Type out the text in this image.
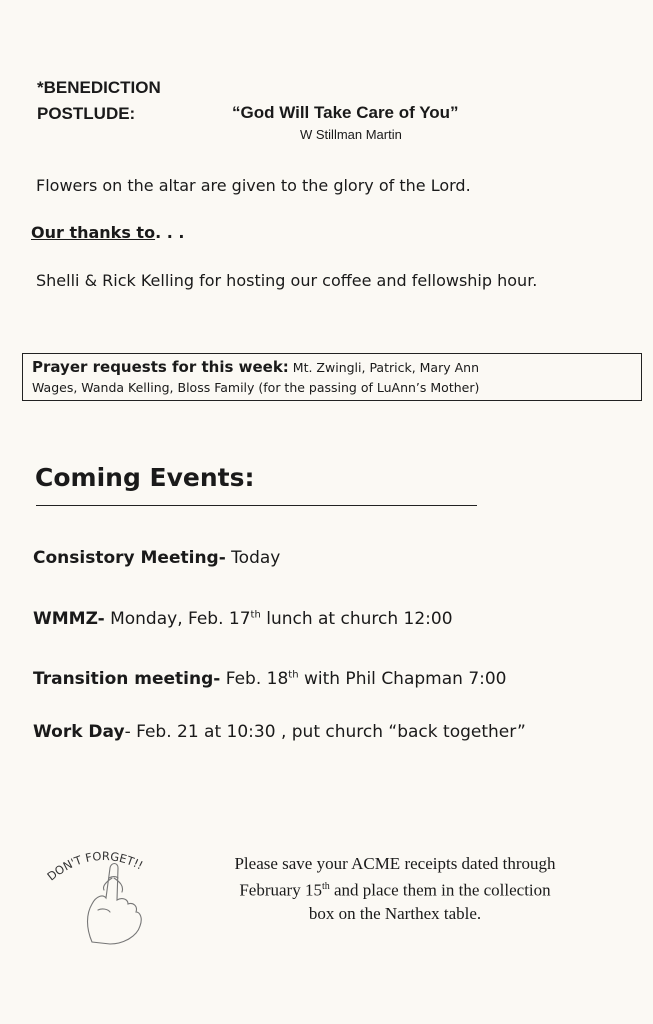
*BENEDICTION
POSTLUDE:	“God Will Take Care of You”
W Stillman Martin
Flowers on the altar are given to the glory of the Lord.
Our thanks to. . .
Shelli & Rick Kelling for hosting our coffee and fellowship hour.
Prayer requests for this week: Mt. Zwingli, Patrick, Mary Ann
Wages, Wanda Kelling, Bloss Family (for the passing of LuAnn’s Mother)
Coming Events:
Consistory Meeting- Today
WMMZ- Monday, Feb. 17th lunch at church 12:00
Transition meeting- Feb. 18th with Phil Chapman 7:00
Work Day- Feb. 21 at 10:30 , put church “back together”
DON'T FORGET!!	Please save your ACME receipts dated through
February 15th and place them in the collection
box on the Narthex table.
